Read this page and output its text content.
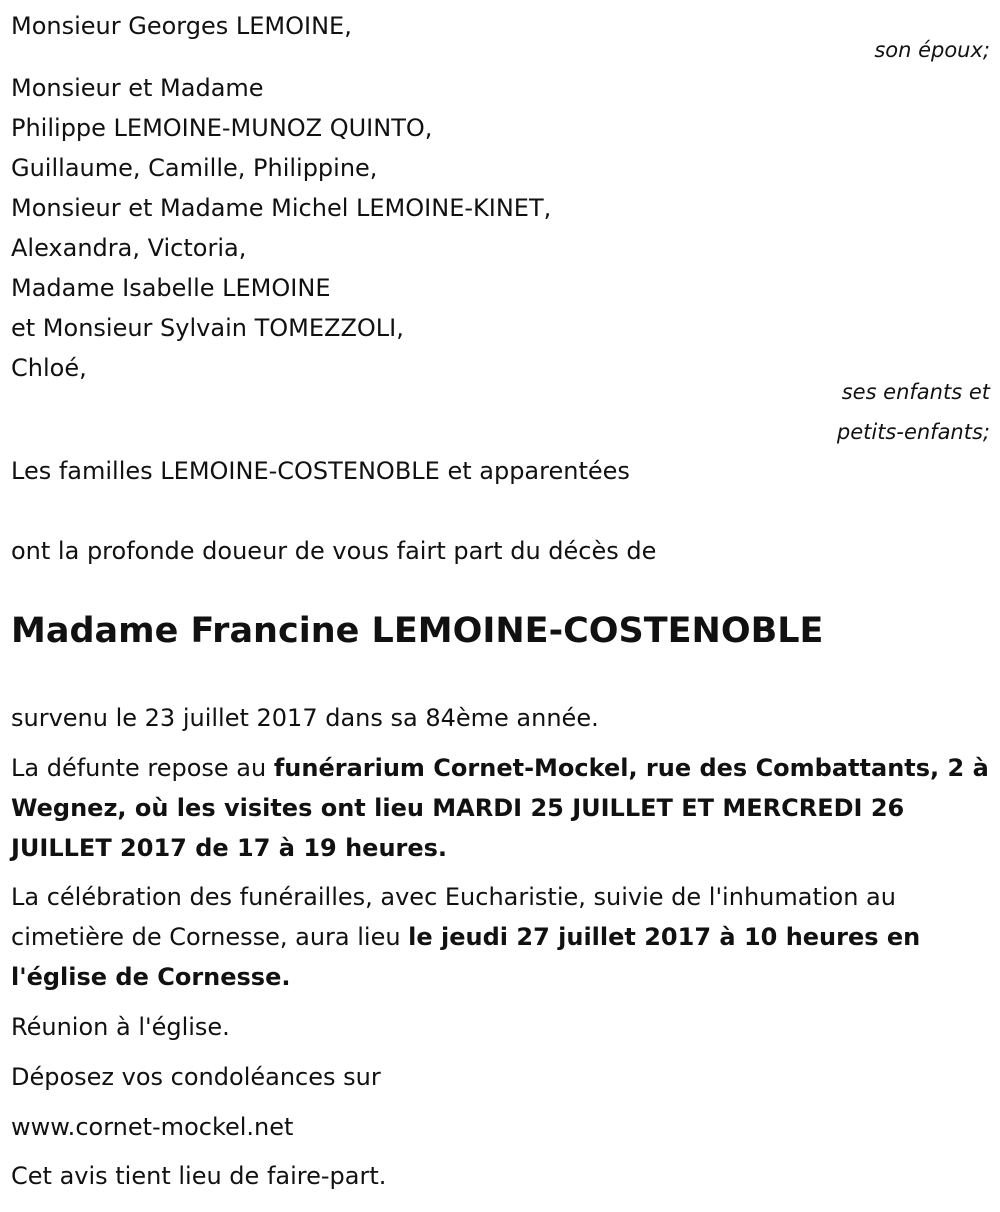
Monsieur Georges LEMOINE,
son époux;
Monsieur et Madame
Philippe LEMOINE-MUNOZ QUINTO,
Guillaume, Camille, Philippine,
Monsieur et Madame Michel LEMOINE-KINET,
Alexandra, Victoria,
Madame Isabelle LEMOINE
et Monsieur Sylvain TOMEZZOLI,
Chloé,
ses enfants et
petits-enfants;
Les familles LEMOINE-COSTENOBLE et apparentées
ont la profonde doueur de vous fairt part du décès de
Madame Francine LEMOINE-COSTENOBLE
survenu le 23 juillet 2017 dans sa 84ème année.
La défunte repose au funérarium Cornet-Mockel, rue des Combattants, 2 à Wegnez, où les visites ont lieu MARDI 25 JUILLET ET MERCREDI 26 JUILLET 2017 de 17 à 19 heures.
La célébration des funérailles, avec Eucharistie, suivie de l'inhumation au cimetière de Cornesse, aura lieu le jeudi 27 juillet 2017 à 10 heures en l'église de Cornesse.
Réunion à l'église.
Déposez vos condoléances sur
www.cornet-mockel.net
Cet avis tient lieu de faire-part.
